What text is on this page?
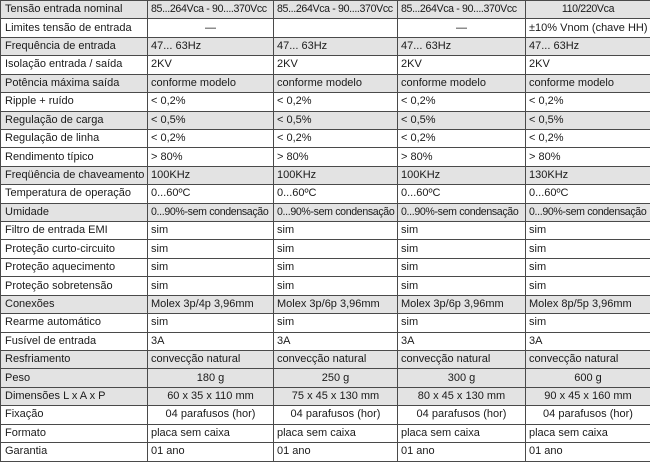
Tensão entrada nominal	85...264Vca - 90....370Vcc	85...264Vca - 90....370Vcc	85...264Vca - 90....370Vcc	110/220Vca
Limites tensão de entrada	—		—	±10% Vnom (chave HH)
Frequência de entrada	47... 63Hz	47... 63Hz	47... 63Hz	47... 63Hz
Isolação entrada / saída	2KV	2KV	2KV	2KV
Potência máxima saída	conforme modelo	conforme modelo	conforme modelo	conforme modelo
Ripple + ruído	< 0,2%	< 0,2%	< 0,2%	< 0,2%
Regulação de carga	< 0,5%	< 0,5%	< 0,5%	< 0,5%
Regulação de linha	< 0,2%	< 0,2%	< 0,2%	< 0,2%
Rendimento típico	> 80%	> 80%	> 80%	> 80%
Freqüência de chaveamento	100KHz	100KHz	100KHz	130KHz
Temperatura de operação	0...60ºC	0...60ºC	0...60ºC	0...60ºC
Umidade	0...90%-sem condensação	0...90%-sem condensação	0...90%-sem condensação	0...90%-sem condensação
Filtro de entrada EMI	sim	sim	sim	sim
Proteção curto-circuito	sim	sim	sim	sim
Proteção aquecimento	sim	sim	sim	sim
Proteção sobretensão	sim	sim	sim	sim
Conexões	Molex 3p/4p 3,96mm	Molex 3p/6p 3,96mm	Molex 3p/6p 3,96mm	Molex 8p/5p 3,96mm
Rearme automático	sim	sim	sim	sim
Fusível de entrada	3A	3A	3A	3A
Resfriamento	convecção natural	convecção natural	convecção natural	convecção natural
Peso	180 g	250 g	300 g	600 g
Dimensões L x A x P	60 x 35 x 110 mm	75 x 45 x 130 mm	80 x 45 x 130 mm	90 x 45 x 160 mm
Fixação	04 parafusos (hor)	04 parafusos (hor)	04 parafusos (hor)	04 parafusos (hor)
Formato	placa sem caixa	placa sem caixa	placa sem caixa	placa sem caixa
Garantia	01 ano	01 ano	01 ano	01 ano
